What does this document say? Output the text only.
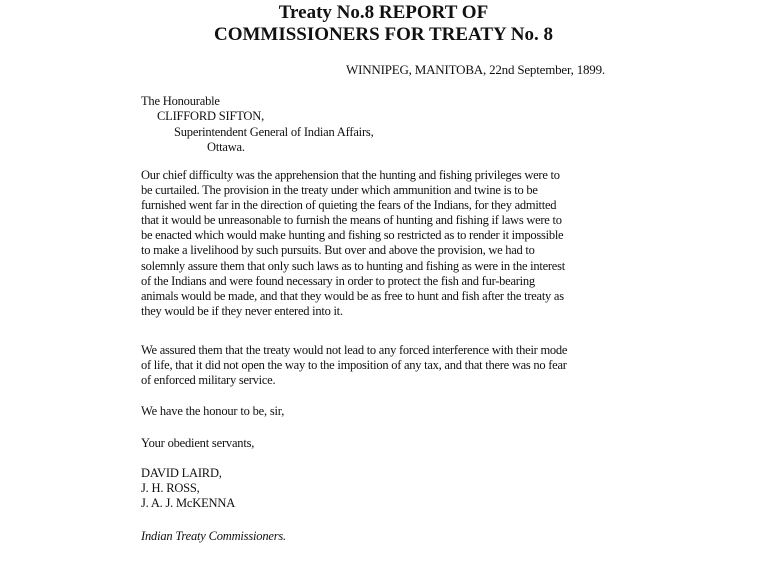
Treaty No.8 REPORT OF
COMMISSIONERS FOR TREATY No. 8
WINNIPEG, MANITOBA, 22nd September, 1899.
The Honourable
CLIFFORD SIFTON,
Superintendent General of Indian Affairs,
Ottawa.
Our chief difficulty was the apprehension that the hunting and fishing privileges were to
be curtailed. The provision in the treaty under which ammunition and twine is to be
furnished went far in the direction of quieting the fears of the Indians, for they admitted
that it would be unreasonable to furnish the means of hunting and fishing if laws were to
be enacted which would make hunting and fishing so restricted as to render it impossible
to make a livelihood by such pursuits. But over and above the provision, we had to
solemnly assure them that only such laws as to hunting and fishing as were in the interest
of the Indians and were found necessary in order to protect the fish and fur-bearing
animals would be made, and that they would be as free to hunt and fish after the treaty as
they would be if they never entered into it.
We assured them that the treaty would not lead to any forced interference with their mode
of life, that it did not open the way to the imposition of any tax, and that there was no fear
of enforced military service.
We have the honour to be, sir,
Your obedient servants,
DAVID LAIRD,
J. H. ROSS,
J. A. J. McKENNA
Indian Treaty Commissioners.
